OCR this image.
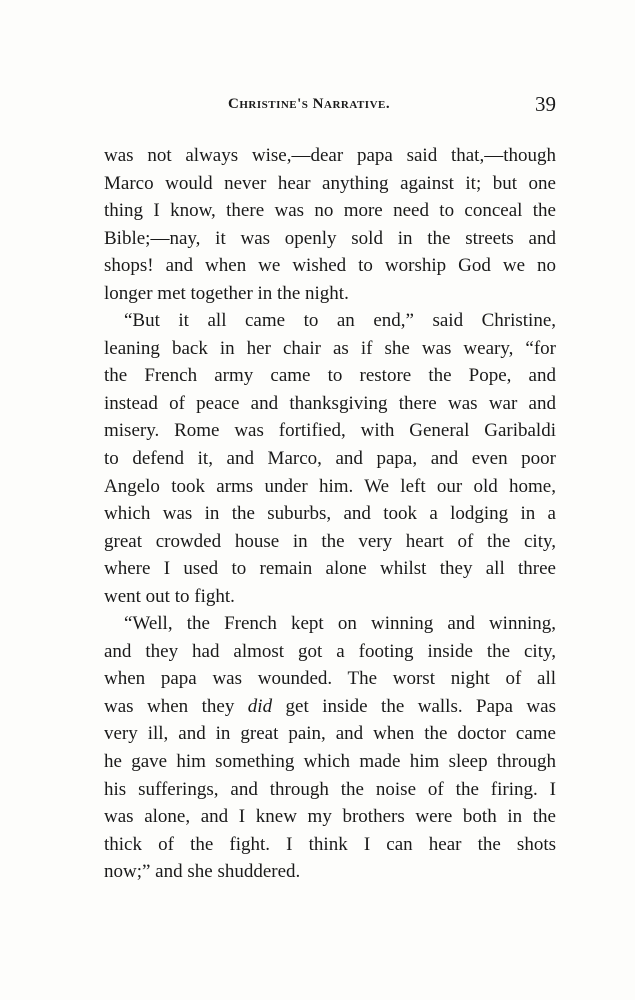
Christine's Narrative.	39
was not always wise,—dear papa said that,—though
Marco would never hear anything against it; but one
thing I know, there was no more need to conceal the
Bible;—nay, it was openly sold in the streets and
shops! and when we wished to worship God we no
longer met together in the night.
“But it all came to an end,” said Christine,
leaning back in her chair as if she was weary, “for
the French army came to restore the Pope, and
instead of peace and thanksgiving there was war and
misery. Rome was fortified, with General Garibaldi
to defend it, and Marco, and papa, and even poor
Angelo took arms under him. We left our old home,
which was in the suburbs, and took a lodging in a
great crowded house in the very heart of the city,
where I used to remain alone whilst they all three
went out to fight.
“Well, the French kept on winning and winning,
and they had almost got a footing inside the city,
when papa was wounded. The worst night of all
was when they did get inside the walls. Papa was
very ill, and in great pain, and when the doctor came
he gave him something which made him sleep through
his sufferings, and through the noise of the firing. I
was alone, and I knew my brothers were both in the
thick of the fight. I think I can hear the shots
now;” and she shuddered.
